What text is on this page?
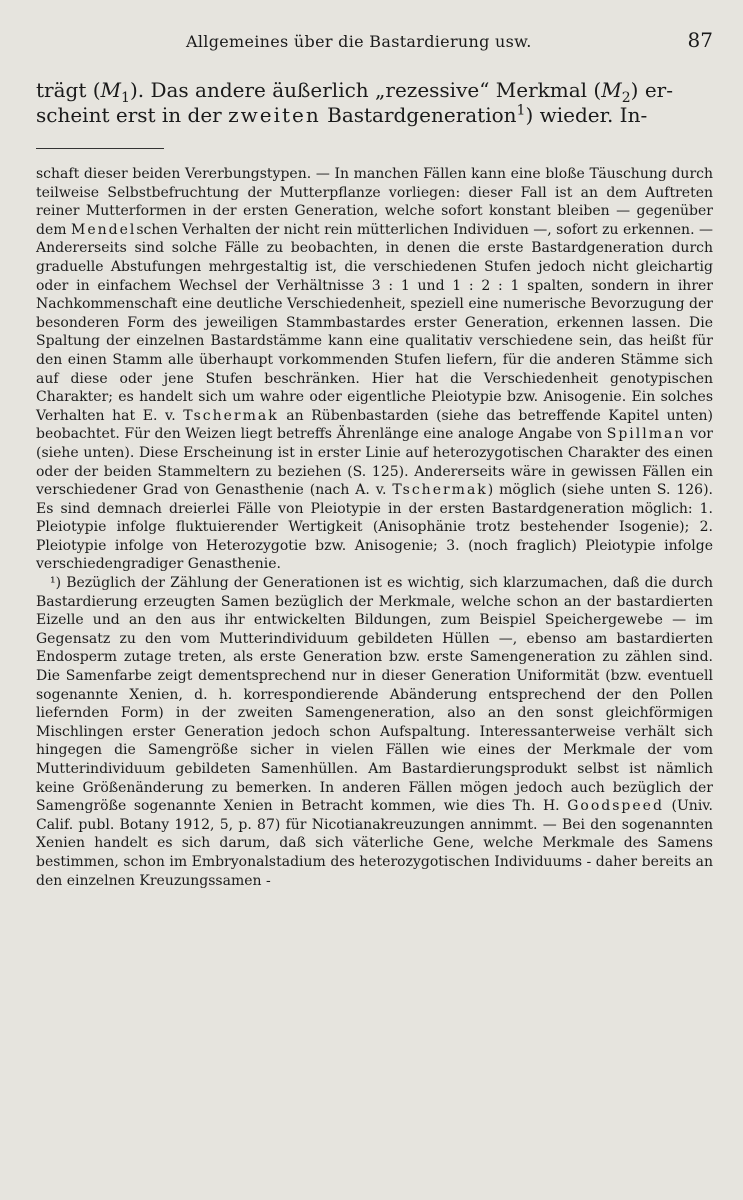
Allgemeines über die Bastardierung usw.	87

trägt $(M_1)$. Das andere äußerlich „rezessive“ Merkmal $(M_2)$ er-

scheint erst in der zweiten Bastardgeneration$^1$) wieder. In-

schaft dieser beiden Vererbungstypen. — In manchen Fällen kann eine bloße Täuschung durch teilweise Selbstbefruchtung der Mutterpflanze vorliegen: dieser Fall ist an dem Auftreten reiner Mutterformen in der ersten Generation, welche sofort konstant bleiben — gegenüber dem Mendelschen Verhalten der nicht rein mütterlichen Individuen —, sofort zu erkennen. — Andererseits sind solche Fälle zu beobachten, in denen die erste Bastardgeneration durch graduelle Abstufungen mehrgestaltig ist, die verschiedenen Stufen jedoch nicht gleichartig oder in einfachem Wechsel der Verhältnisse 3 : 1 und 1 : 2 : 1 spalten, sondern in ihrer Nachkommenschaft eine deutliche Verschiedenheit, speziell eine numerische Bevorzugung der besonderen Form des jeweiligen Stammbastardes erster Generation, erkennen lassen. Die Spaltung der einzelnen Bastardstämme kann eine qualitativ verschiedene sein, das heißt für den einen Stamm alle überhaupt vorkommenden Stufen liefern, für die anderen Stämme sich auf diese oder jene Stufen beschränken. Hier hat die Verschiedenheit genotypischen Charakter; es handelt sich um wahre oder eigentliche Pleiotypie bzw. Anisogenie. Ein solches Verhalten hat E. v. Tschermak an Rübenbastarden (siehe das betreffende Kapitel unten) beobachtet. Für den Weizen liegt betreffs Ährenlänge eine analoge Angabe von Spillman vor (siehe unten). Diese Erscheinung ist in erster Linie auf heterozygotischen Charakter des einen oder der beiden Stammeltern zu beziehen (S. 125). Andererseits wäre in gewissen Fällen ein verschiedener Grad von Genasthenie (nach A. v. Tschermak) möglich (siehe unten S. 126). Es sind demnach dreierlei Fälle von Pleiotypie in der ersten Bastardgeneration möglich: 1. Pleiotypie infolge fluktuierender Wertigkeit (Anisophänie trotz bestehender Isogenie); 2. Pleiotypie infolge von Heterozygotie bzw. Anisogenie; 3. (noch fraglich) Pleiotypie infolge verschiedengradiger Genasthenie.

¹) Bezüglich der Zählung der Generationen ist es wichtig, sich klarzumachen, daß die durch Bastardierung erzeugten Samen bezüglich der Merkmale, welche schon an der bastardierten Eizelle und an den aus ihr entwickelten Bildungen, zum Beispiel Speichergewebe — im Gegensatz zu den vom Mutterindividuum gebildeten Hüllen —, ebenso am bastardierten Endosperm zutage treten, als erste Generation bzw. erste Samengeneration zu zählen sind. Die Samenfarbe zeigt dementsprechend nur in dieser Generation Uniformität (bzw. eventuell sogenannte Xenien, d. h. korrespondierende Abänderung entsprechend der den Pollen liefernden Form) in der zweiten Samengeneration, also an den sonst gleichförmigen Mischlingen erster Generation jedoch schon Aufspaltung. Interessanterweise verhält sich hingegen die Samengröße sicher in vielen Fällen wie eines der Merkmale der vom Mutterindividuum gebildeten Samenhüllen. Am Bastardierungsprodukt selbst ist nämlich keine Größenänderung zu bemerken. In anderen Fällen mögen jedoch auch bezüglich der Samengröße sogenannte Xenien in Betracht kommen, wie dies Th. H. Goodspeed (Univ. Calif. publ. Botany 1912, 5, p. 87) für Nicotianakreuzungen annimmt. — Bei den sogenannten Xenien handelt es sich darum, daß sich väterliche Gene, welche Merkmale des Samens bestimmen, schon im Embryonalstadium des heterozygotischen Individuums - daher bereits an den einzelnen Kreuzungssamen -
